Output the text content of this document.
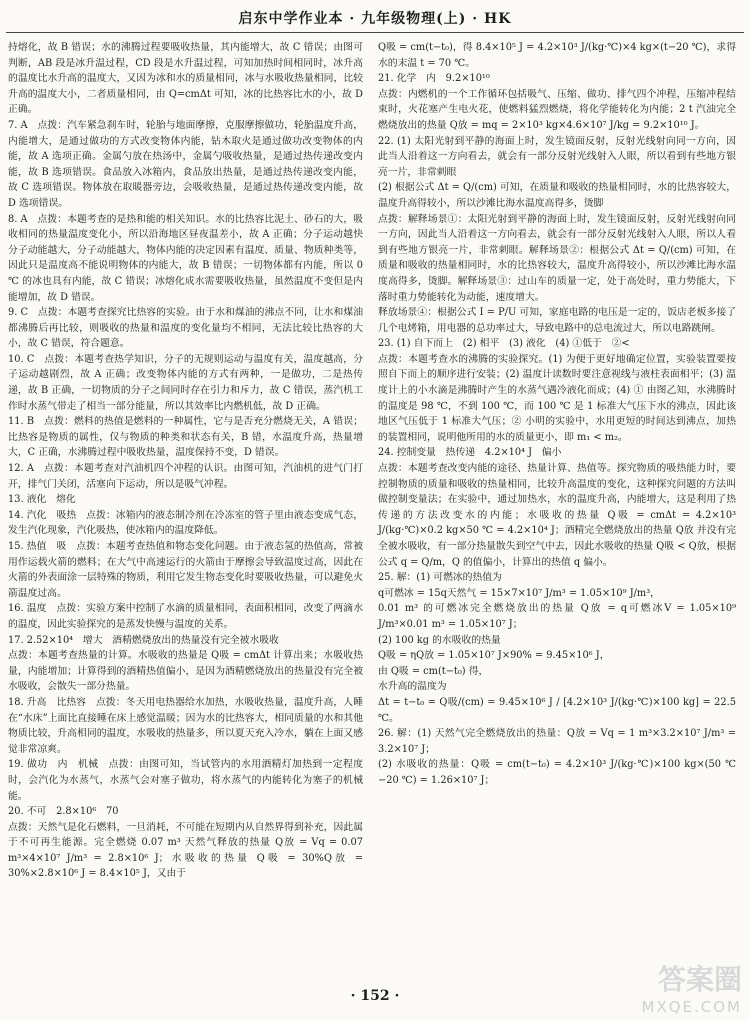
启东中学作业本 · 九年级物理(上) · HK

持熔化，故 B 错误；水的沸腾过程要吸收热量，其内能增大，故 C 错误；由图可判断，AB 段是冰升温过程，CD 段是水升温过程，可知加热时间相同时，冰升高的温度比水升高的温度大，又因为冰和水的质量相同，冰与水吸收热量相同，比较升高的温度大小，二者质量相同，由 Q=cmΔt 可知，冰的比热容比水的小，故 D 正确。

7. A　点拨：汽车紧急刹车时，轮胎与地面摩擦，克服摩擦做功，轮胎温度升高，内能增大，是通过做功的方式改变物体内能，钻木取火是通过做功改变物体的内能，故 A 选项正确。金属勺放在热汤中，金属勺吸收热量，是通过热传递改变内能，故 B 选项错误。食品放入冰箱内，食品放出热量，是通过热传递改变内能，故 C 选项错误。物体放在取暖器旁边，会吸收热量，是通过热传递改变内能，故 D 选项错误。

8. A　点拨：本题考查的是热和能的相关知识。水的比热容比泥土、砂石的大，吸收相同的热量温度变化小，所以沿海地区昼夜温差小，故 A 正确；分子运动越快分子动能越大，分子动能越大，物体内能的决定因素有温度、质量、物质种类等，因此只是温度高不能说明物体的内能大，故 B 错误；一切物体都有内能，所以 0 ℃ 的冰也具有内能，故 C 错误；冰熔化成水需要吸收热量，虽然温度不变但是内能增加，故 D 错误。

9. C　点拨：本题考查探究比热容的实验。由于水和煤油的沸点不同，让水和煤油都沸腾后再比较，则吸收的热量和温度的变化量均不相同，无法比较比热容的大小，故 C 错误，符合题意。

10. C　点拨：本题考查热学知识，分子的无规则运动与温度有关，温度越高，分子运动越剧烈，故 A 正确；改变物体内能的方式有两种，一是做功，二是热传递，故 B 正确，一切物质的分子之间同时存在引力和斥力，故 C 错误，蒸汽机工作时水蒸气带走了相当一部分能量，所以其效率比内燃机低，故 D 正确。

11. B　点拨：燃料的热值是燃料的一种属性，它与是否充分燃烧无关，A 错误；比热容是物质的属性，仅与物质的种类和状态有关，B 错，水温度升高，热量增大，C 正确，水沸腾过程中吸收热量，温度保持不变，D 错误。

12. A　点拨：本题考查对汽油机四个冲程的认识。由图可知，汽油机的进气门打开，排气门关闭，活塞向下运动，所以是吸气冲程。

13. 液化　熔化

14. 汽化　吸热　点拨：冰箱内的液态制冷剂在冷冻室的管子里由液态变成气态，发生汽化现象，汽化吸热，使冰箱内的温度降低。

15. 热值　吸　点拨：本题考查热值和物态变化问题。由于液态氢的热值高，常被用作运载火箭的燃料；在大气中高速运行的火箭由于摩擦会导致温度过高，因此在火箭的外表面涂一层特殊的物质，利用它发生物态变化时要吸收热量，可以避免火箭温度过高。

16. 温度　点拨：实验方案中控制了水滴的质量相同，表面积相同，改变了两滴水的温度，因此实验探究的是蒸发快慢与温度的关系。

17. 2.52×10⁴　增大　酒精燃烧放出的热量没有完全被水吸收

点拨：本题考查热量的计算。水吸收的热量是 Q吸 = cmΔt 计算出来；水吸收热量，内能增加；计算得到的酒精热值偏小，是因为酒精燃烧放出的热量没有完全被水吸收，会散失一部分热量。

18. 升高　比热容　点拨：冬天用电热器给水加热，水吸收热量，温度升高，人睡在“水床”上面比直接睡在床上感觉温暖；因为水的比热容大，相同质量的水和其他物质比较，升高相同的温度，水吸收的热量多，所以夏天充入冷水，躺在上面又感觉非常凉爽。

19. 做功　内　机械　点拨：由图可知，当试管内的水用酒精灯加热到一定程度时，会汽化为水蒸气，水蒸气会对塞子做功，将水蒸气的内能转化为塞子的机械能。

20. 不可　2.8×10⁶　70

点拨：天然气是化石燃料，一旦消耗，不可能在短期内从自然界得到补充，因此属于不可再生能源。完全燃烧 0.07 m³ 天然气释放的热量 Q放 = Vq = 0.07 m³×4×10⁷ J/m³ = 2.8×10⁶ J；水吸收的热量 Q吸 = 30%Q放 = 30%×2.8×10⁶ J = 8.4×10⁵ J，又由于

Q吸 = cm(t−t₀)，得 8.4×10⁵ J = 4.2×10³ J/(kg·℃)×4 kg×(t−20 ℃)，求得水的末温 t = 70 ℃。

21. 化学　内　9.2×10¹⁰

点拨：内燃机的一个工作循环包括吸气、压缩、做功、排气四个冲程，压缩冲程结束时，火花塞产生电火花，使燃料猛烈燃烧，将化学能转化为内能；2 t 汽油完全燃烧放出的热量 Q放 = mq = 2×10³ kg×4.6×10⁷ J/kg = 9.2×10¹⁰ J。

22. (1) 太阳光射到平静的海面上时，发生镜面反射，反射光线射向同一方向，因此当人沿着这一方向看去，就会有一部分反射光线射入人眼，所以看到有些地方银亮一片，非常刺眼

(2) 根据公式 Δt = Q/(cm) 可知，在质量和吸收的热量相同时，水的比热容较大，温度升高得较小，所以沙滩比海水温度高得多，烫脚

点拨：解释场景①：太阳光射到平静的海面上时，发生镜面反射，反射光线射向同一方向，因此当人沿着这一方向看去，就会有一部分反射光线射入人眼，所以人看到有些地方银亮一片，非常刺眼。解释场景②：根据公式 Δt = Q/(cm) 可知，在质量和吸收的热量相同时，水的比热容较大，温度升高得较小，所以沙滩比海水温度高得多，烫脚。解释场景③：过山车的质量一定，处于高处时，重力势能大，下落时重力势能转化为动能，速度增大。

释放场景④：根据公式 I = P/U 可知，家庭电路的电压是一定的，饭店老板多接了几个电烤箱，用电器的总功率过大，导致电路中的总电流过大，所以电路跳闸。

23. (1) 自下而上　(2) 相平　(3) 液化　(4) ①低于　②<

点拨：本题考查水的沸腾的实验探究。(1) 为便于更好地确定位置，实验装置要按照自下而上的顺序进行安装；(2) 温度计读数时要注意视线与液柱表面相平；(3) 温度计上的小水滴是沸腾时产生的水蒸气遇冷液化而成；(4) ① 由图乙知，水沸腾时的温度是 98 ℃，不到 100 ℃，而 100 ℃ 是 1 标准大气压下水的沸点，因此该地区气压低于 1 标准大气压；② 小明的实验中，水用更短的时间达到沸点，加热的装置相同，说明他所用的水的质量更小，即 m₁ < m₂。

24. 控制变量　热传递　4.2×10⁴ J　偏小

点拨：本题考查改变内能的途径、热量计算、热值等。探究物质的吸热能力时，要控制物质的质量和吸收的热量相同，比较升高温度的变化，这种探究问题的方法叫做控制变量法；在实验中，通过加热水，水的温度升高，内能增大，这是利用了热传递的方法改变水的内能；水吸收的热量 Q吸 = cmΔt = 4.2×10³ J/(kg·℃)×0.2 kg×50 ℃ = 4.2×10⁴ J；酒精完全燃烧放出的热量 Q放 并没有完全被水吸收，有一部分热量散失到空气中去，因此水吸收的热量 Q吸 < Q放，根据公式 q = Q/m，Q 的值偏小，计算出的热值 q 偏小。

25. 解：(1) 可燃冰的热值为

q可燃冰 = 15q天然气 = 15×7×10⁷ J/m³ = 1.05×10⁹ J/m³，

0.01 m³ 的可燃冰完全燃烧放出的热量 Q放 = q可燃冰V = 1.05×10⁹ J/m³×0.01 m³ = 1.05×10⁷ J；

(2) 100 kg 的水吸收的热量

Q吸 = ηQ放 = 1.05×10⁷ J×90% = 9.45×10⁶ J，

由 Q吸 = cm(t−t₀) 得，

水升高的温度为

Δt = t−t₀ = Q吸/(cm) = 9.45×10⁶ J / [4.2×10³ J/(kg·℃)×100 kg] = 22.5 ℃。

26. 解：(1) 天然气完全燃烧放出的热量：Q放 = Vq = 1 m³×3.2×10⁷ J/m³ = 3.2×10⁷ J；

(2) 水吸收的热量：Q吸 = cm(t−t₀) = 4.2×10³ J/(kg·℃)×100 kg×(50 ℃−20 ℃) = 1.26×10⁷ J；

· 152 ·	答案圈
MXQE.COM
